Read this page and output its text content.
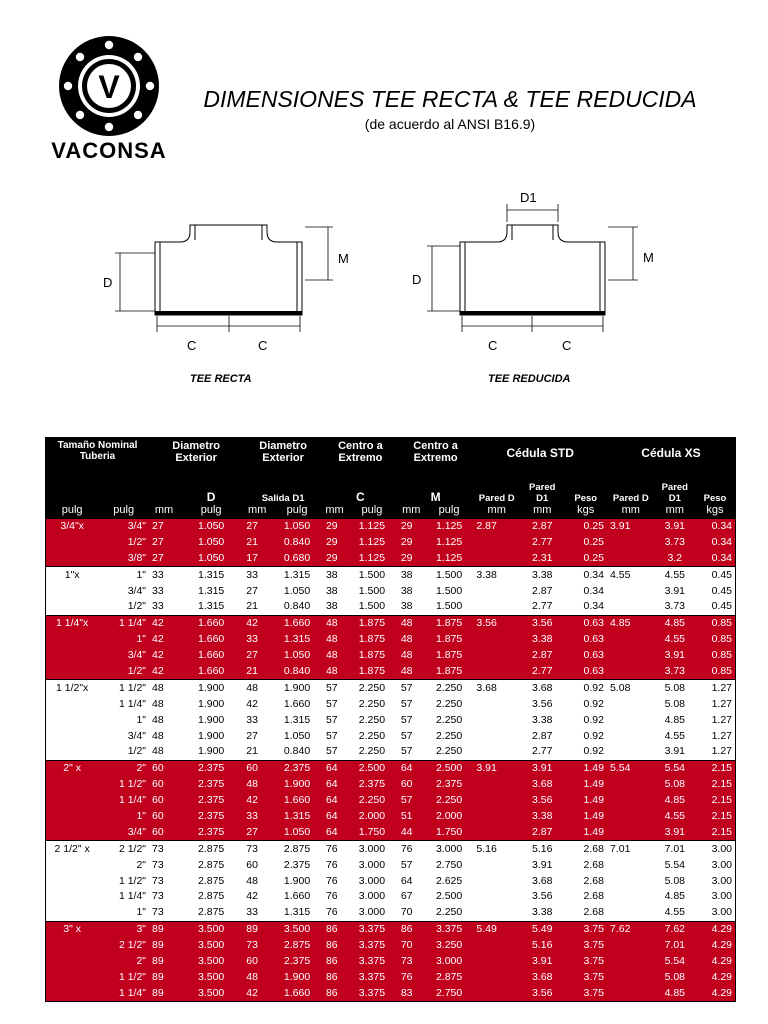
V
VACONSA
DIMENSIONES TEE RECTA & TEE REDUCIDA
(de acuerdo al ANSI B16.9)
D
M
C	C
TEE RECTA
D1
D
M
C	C
TEE REDUCIDA
Tamaño Nominal Tuberia		Diametro Exterior		Diametro Exterior		Centro a Extremo		Centro a Extremo		Cédula STD			Cédula XS		
			D	Salida D1		C		M		Pared D	Pared D1	Peso	Pared D	Pared D1	Peso
pulg	pulg	mm	pulg	mm	pulg	mm	pulg	mm	pulg	mm	mm	kgs	mm	mm	kgs
3/4"x	3/4"	27	1.050	27	1.050	29	1.125	29	1.125	2.87	2.87	0.25	3.91	3.91	0.34
	1/2"	27	1.050	21	0.840	29	1.125	29	1.125		2.77	0.25		3.73	0.34
	3/8"	27	1.050	17	0.680	29	1.125	29	1.125		2.31	0.25		3.2	0.34
1"x	1"	33	1.315	33	1.315	38	1.500	38	1.500	3.38	3.38	0.34	4.55	4.55	0.45
	3/4"	33	1.315	27	1.050	38	1.500	38	1.500		2.87	0.34		3.91	0.45
	1/2"	33	1.315	21	0.840	38	1.500	38	1.500		2.77	0.34		3.73	0.45
1 1/4"x	1 1/4"	42	1.660	42	1.660	48	1.875	48	1.875	3.56	3.56	0.63	4.85	4.85	0.85
	1"	42	1.660	33	1.315	48	1.875	48	1.875		3.38	0.63		4.55	0.85
	3/4"	42	1.660	27	1.050	48	1.875	48	1.875		2.87	0.63		3.91	0.85
	1/2"	42	1.660	21	0.840	48	1.875	48	1.875		2.77	0.63		3.73	0.85
1 1/2"x	1 1/2"	48	1.900	48	1.900	57	2.250	57	2.250	3.68	3.68	0.92	5.08	5.08	1.27
	1 1/4"	48	1.900	42	1.660	57	2.250	57	2.250		3.56	0.92		5.08	1.27
	1"	48	1.900	33	1.315	57	2.250	57	2.250		3.38	0.92		4.85	1.27
	3/4"	48	1.900	27	1.050	57	2.250	57	2.250		2.87	0.92		4.55	1.27
	1/2"	48	1.900	21	0.840	57	2.250	57	2.250		2.77	0.92		3.91	1.27
2" x	2"	60	2.375	60	2.375	64	2.500	64	2.500	3.91	3.91	1.49	5.54	5.54	2.15
	1 1/2"	60	2.375	48	1.900	64	2.375	60	2.375		3.68	1.49		5.08	2.15
	1 1/4"	60	2.375	42	1.660	64	2.250	57	2.250		3.56	1.49		4.85	2.15
	1"	60	2.375	33	1.315	64	2.000	51	2.000		3.38	1.49		4.55	2.15
	3/4"	60	2.375	27	1.050	64	1.750	44	1.750		2.87	1.49		3.91	2.15
2 1/2" x	2 1/2"	73	2.875	73	2.875	76	3.000	76	3.000	5.16	5.16	2.68	7.01	7.01	3.00
	2"	73	2.875	60	2.375	76	3.000	57	2.750		3.91	2.68		5.54	3.00
	1 1/2"	73	2.875	48	1.900	76	3.000	64	2.625		3.68	2.68		5.08	3.00
	1 1/4"	73	2.875	42	1.660	76	3.000	67	2.500		3.56	2.68		4.85	3.00
	1"	73	2.875	33	1.315	76	3.000	70	2.250		3.38	2.68		4.55	3.00
3" x	3"	89	3.500	89	3.500	86	3.375	86	3.375	5.49	5.49	3.75	7.62	7.62	4.29
	2 1/2"	89	3.500	73	2.875	86	3.375	70	3.250		5.16	3.75		7.01	4.29
	2"	89	3.500	60	2.375	86	3.375	73	3.000		3.91	3.75		5.54	4.29
	1 1/2"	89	3.500	48	1.900	86	3.375	76	2.875		3.68	3.75		5.08	4.29
	1 1/4"	89	3.500	42	1.660	86	3.375	83	2.750		3.56	3.75		4.85	4.29
